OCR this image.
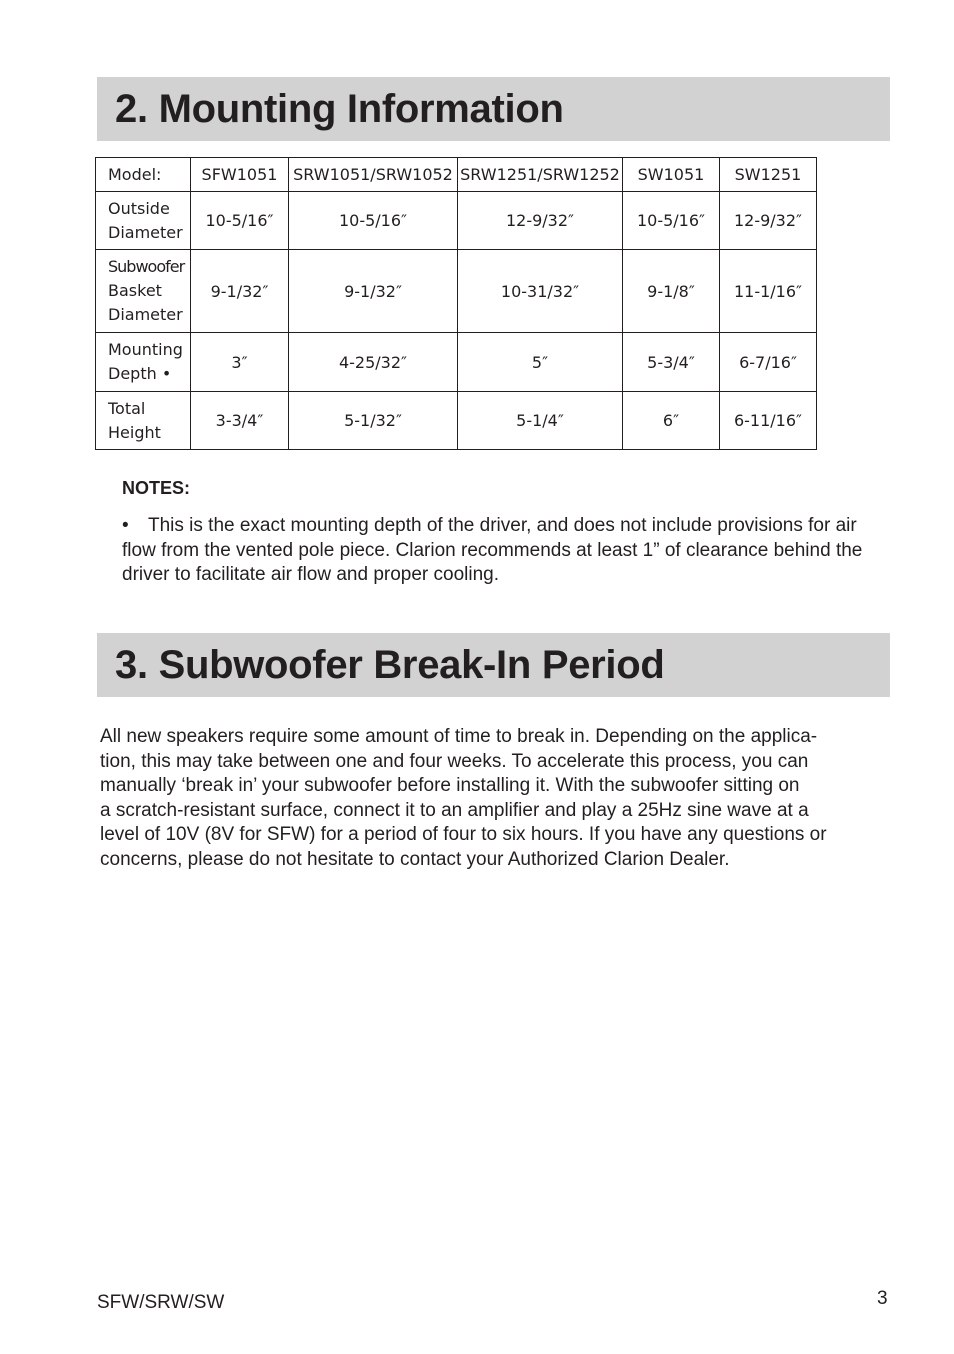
2. Mounting Information
Model:	SFW1051	SRW1051/SRW1052	SRW1251/SRW1252	SW1051	SW1251
Outside
Diameter	10-5/16″	10-5/16″	12-9/32″	10-5/16″	12-9/32″
Subwoofer
Basket
Diameter	9-1/32″	9-1/32″	10-31/32″	9-1/8″	11-1/16″
Mounting
Depth •	3″	4-25/32″	5″	5-3/4″	6-7/16″
Total
Height	3-3/4″	5-1/32″	5-1/4″	6″	6-11/16″
NOTES:
• This is the exact mounting depth of the driver, and does not include provisions for air flow from the vented pole piece. Clarion recommends at least 1” of clearance behind the driver to facilitate air flow and proper cooling.
3. Subwoofer Break-In Period
All new speakers require some amount of time to break in. Depending on the applica-
tion, this may take between one and four weeks. To accelerate this process, you can
manually ‘break in’ your subwoofer before installing it. With the subwoofer sitting on
a scratch-resistant surface, connect it to an amplifier and play a 25Hz sine wave at a
level of 10V (8V for SFW) for a period of four to six hours. If you have any questions or
concerns, please do not hesitate to contact your Authorized Clarion Dealer.
SFW/SRW/SW	3
